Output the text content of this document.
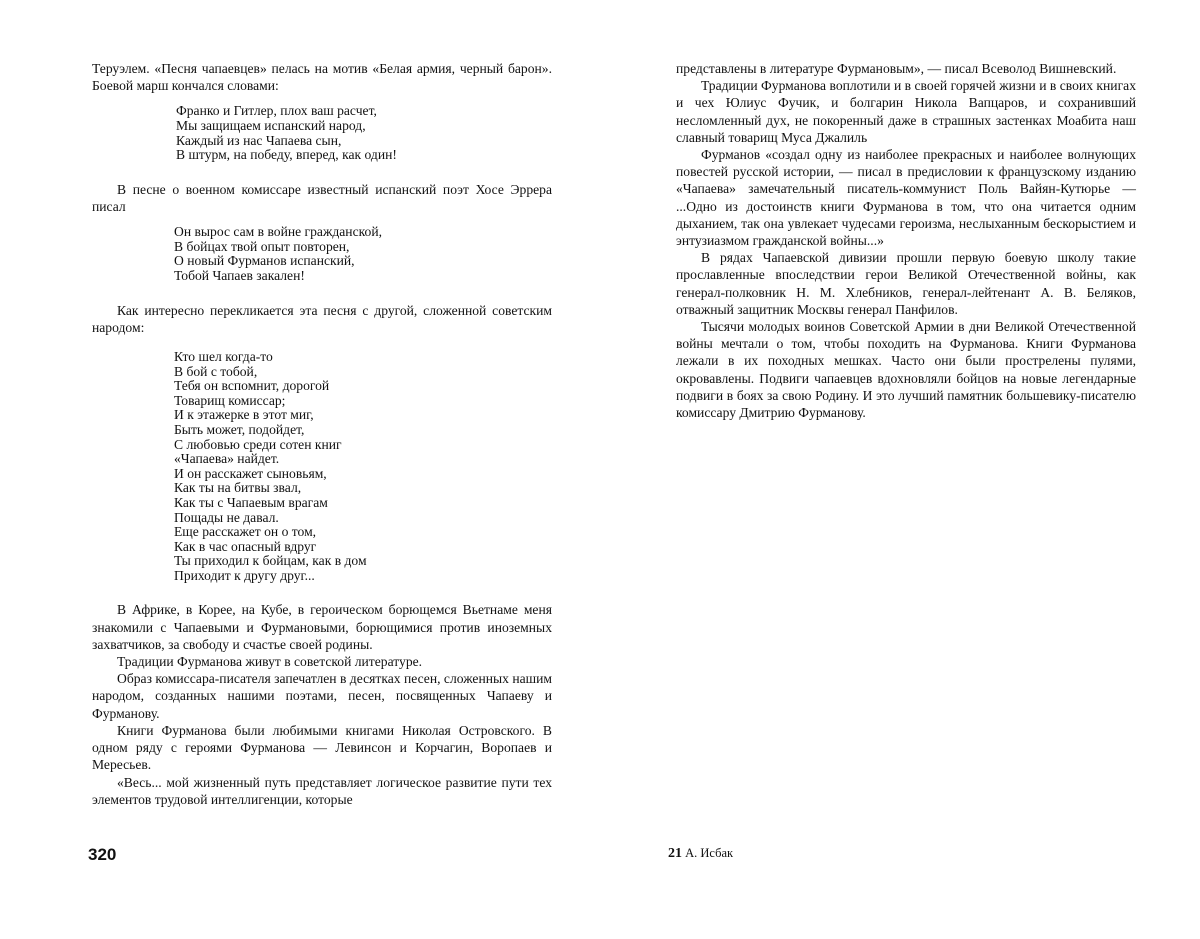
Теруэлем. «Песня чапаевцев» пелась на мотив «Белая армия, черный барон». Боевой марш кончался словами:

Франко и Гитлер, плох ваш расчет,
Мы защищаем испанский народ,
Каждый из нас Чапаева сын,
В штурм, на победу, вперед, как один!

В песне о военном комиссаре известный испанский поэт Хосе Эррера писал

Он вырос сам в войне гражданской,
В бойцах твой опыт повторен,
О новый Фурманов испанский,
Тобой Чапаев закален!

Как интересно перекликается эта песня с другой, сложенной советским народом:

Кто шел когда-то
В бой с тобой,
Тебя он вспомнит, дорогой
Товарищ комиссар;
И к этажерке в этот миг,
Быть может, подойдет,
С любовью среди сотен книг
«Чапаева» найдет.
И он расскажет сыновьям,
Как ты на битвы звал,
Как ты с Чапаевым врагам
Пощады не давал.
Еще расскажет он о том,
Как в час опасный вдруг
Ты приходил к бойцам, как в дом
Приходит к другу друг...

В Африке, в Корее, на Кубе, в героическом борющемся Вьетнаме меня знакомили с Чапаевыми и Фурмановыми, борющимися против иноземных захватчиков, за свободу и счастье своей родины.

Традиции Фурманова живут в советской литературе.

Образ комиссара-писателя запечатлен в десятках песен, сложенных нашим народом, созданных нашими поэтами, песен, посвященных Чапаеву и Фурманову.

Книги Фурманова были любимыми книгами Николая Островского. В одном ряду с героями Фурманова — Левинсон и Корчагин, Воропаев и Мересьев.

«Весь... мой жизненный путь представляет логическое развитие пути тех элементов трудовой интеллигенции, которые

320

представлены в литературе Фурмановым», — писал Всеволод Вишневский.

Традиции Фурманова воплотили и в своей горячей жизни и в своих книгах и чех Юлиус Фучик, и болгарин Никола Вапцаров, и сохранивший несломленный дух, не покоренный даже в страшных застенках Моабита наш славный товарищ Муса Джалиль

Фурманов «создал одну из наиболее прекрасных и наиболее волнующих повестей русской истории, — писал в предисловии к французскому изданию «Чапаева» замечательный писатель-коммунист Поль Вайян-Кутюрье — ...Одно из достоинств книги Фурманова в том, что она читается одним дыханием, так она увлекает чудесами героизма, неслыханным бескорыстием и энтузиазмом гражданской войны...»

В рядах Чапаевской дивизии прошли первую боевую школу такие прославленные впоследствии герои Великой Отечественной войны, как генерал-полковник Н. М. Хлебников, генерал-лейтенант А. В. Беляков, отважный защитник Москвы генерал Панфилов.

Тысячи молодых воинов Советской Армии в дни Великой Отечественной войны мечтали о том, чтобы походить на Фурманова. Книги Фурманова лежали в их походных мешках. Часто они были прострелены пулями, окровавлены. Подвиги чапаевцев вдохновляли бойцов на новые легендарные подвиги в боях за свою Родину. И это лучший памятник большевику-писателю комиссару Дмитрию Фурманову.

21 А. Исбак
